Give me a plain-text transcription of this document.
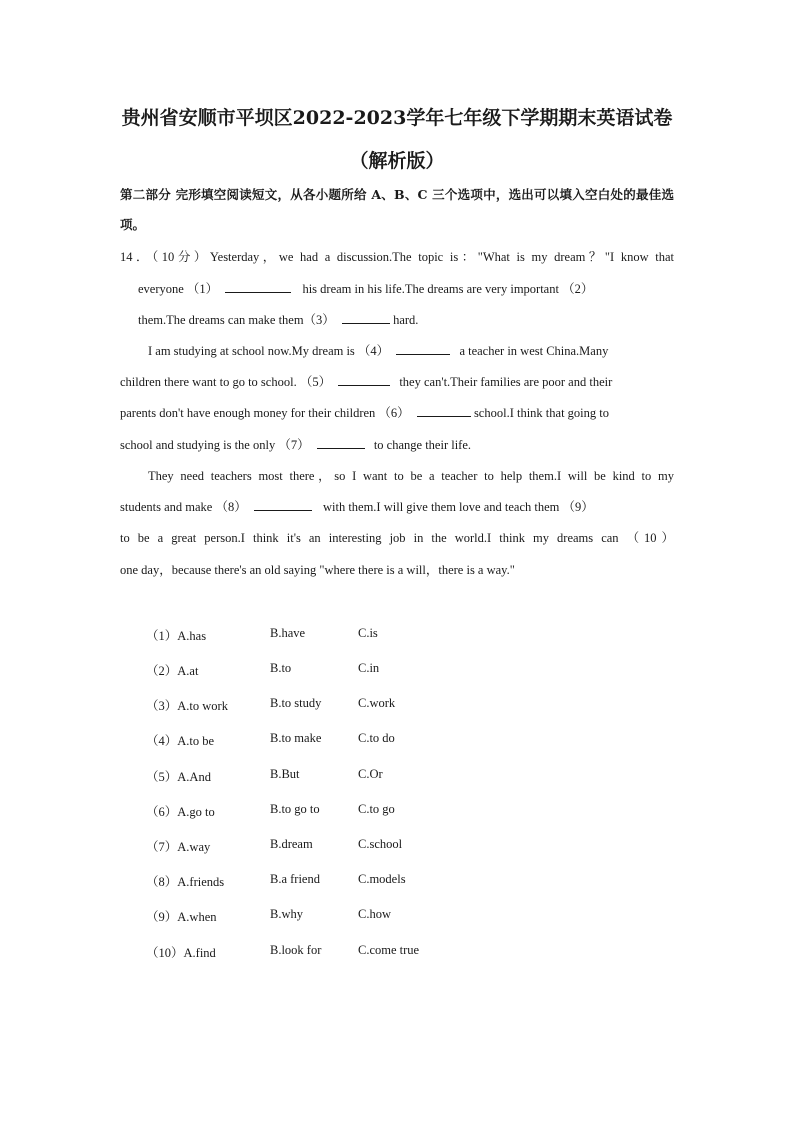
贵州省安顺市平坝区2022-2023学年七年级下学期期末英语试卷
（解析版）
第二部分 完形填空阅读短文，从各小题所给 A、B、C 三个选项中，选出可以填入空白处的最佳选项。
14．（10分）Yesterday，we had a discussion.The topic is："What is my dream？"I know that
everyone （1）	his dream in his life.The dreams are very important （2）
them.The dreams can make them（3）	hard.
I am studying at school now.My dream is （4）	a teacher in west China.Many
children there want to go to school. （5）	they can't.Their families are poor and their
parents don't have enough money for their children （6）	school.I think that going to
school and studying is the only （7）	to change their life.
They need teachers most there，so I want to be a teacher to help them.I will be kind to my
students and make （8）	with them.I will give them love and teach them （9）
to be a great person.I think it's an interesting job in the world.I think my dreams can （10）
one day，because there's an old saying "where there is a will，there is a way."
（1）A.has	B.have	C.is
（2）A.at	B.to	C.in
（3）A.to work	B.to study	C.work
（4）A.to be	B.to make	C.to do
（5）A.And	B.But	C.Or
（6）A.go to	B.to go to	C.to go
（7）A.way	B.dream	C.school
（8）A.friends	B.a friend	C.models
（9）A.when	B.why	C.how
（10）A.find	B.look for	C.come true
